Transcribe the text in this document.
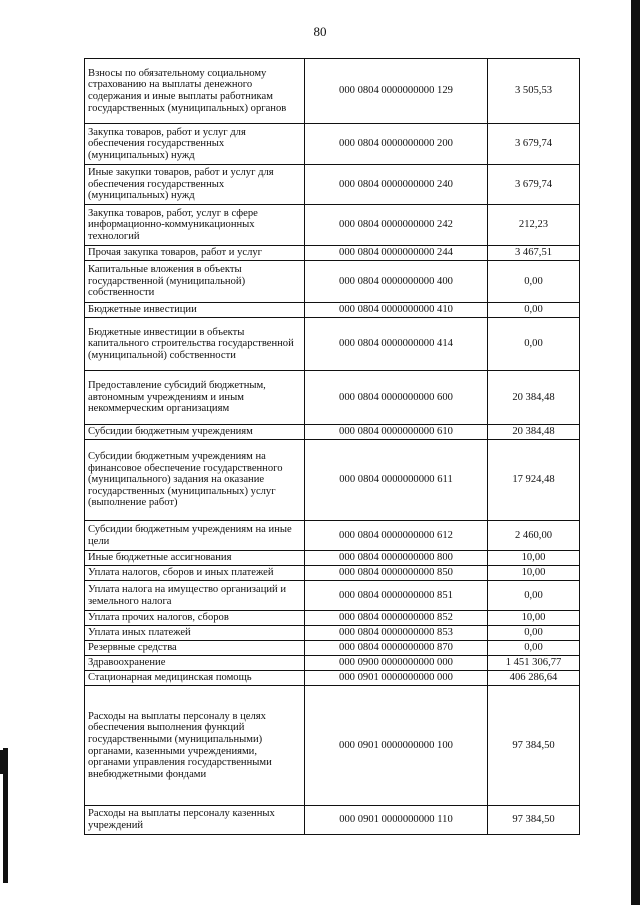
80
Взносы по обязательному социальному страхованию на выплаты денежного содержания и иные выплаты работникам государственных (муниципальных) органов	000 0804 0000000000 129	3 505,53
Закупка товаров, работ и услуг для обеспечения государственных (муниципальных) нужд	000 0804 0000000000 200	3 679,74
Иные закупки товаров, работ и услуг для обеспечения государственных (муниципальных) нужд	000 0804 0000000000 240	3 679,74
Закупка товаров, работ, услуг в сфере информационно-коммуникационных технологий	000 0804 0000000000 242	212,23
Прочая закупка товаров, работ и услуг	000 0804 0000000000 244	3 467,51
Капитальные вложения в объекты государственной (муниципальной) собственности	000 0804 0000000000 400	0,00
Бюджетные инвестиции	000 0804 0000000000 410	0,00
Бюджетные инвестиции в объекты капитального строительства государственной (муниципальной) собственности	000 0804 0000000000 414	0,00
Предоставление субсидий бюджетным, автономным учреждениям и иным некоммерческим организациям	000 0804 0000000000 600	20 384,48
Субсидии бюджетным учреждениям	000 0804 0000000000 610	20 384,48
Субсидии бюджетным учреждениям на финансовое обеспечение государственного (муниципального) задания на оказание государственных (муниципальных) услуг (выполнение работ)	000 0804 0000000000 611	17 924,48
Субсидии бюджетным учреждениям на иные цели	000 0804 0000000000 612	2 460,00
Иные бюджетные ассигнования	000 0804 0000000000 800	10,00
Уплата налогов, сборов и иных платежей	000 0804 0000000000 850	10,00
Уплата налога на имущество организаций и земельного налога	000 0804 0000000000 851	0,00
Уплата прочих налогов, сборов	000 0804 0000000000 852	10,00
Уплата иных платежей	000 0804 0000000000 853	0,00
Резервные средства	000 0804 0000000000 870	0,00
Здравоохранение	000 0900 0000000000 000	1 451 306,77
Стационарная медицинская помощь	000 0901 0000000000 000	406 286,64
Расходы на выплаты персоналу в целях обеспечения выполнения функций государственными (муниципальными) органами, казенными учреждениями, органами управления государственными внебюджетными фондами	000 0901 0000000000 100	97 384,50
Расходы на выплаты персоналу казенных учреждений	000 0901 0000000000 110	97 384,50
